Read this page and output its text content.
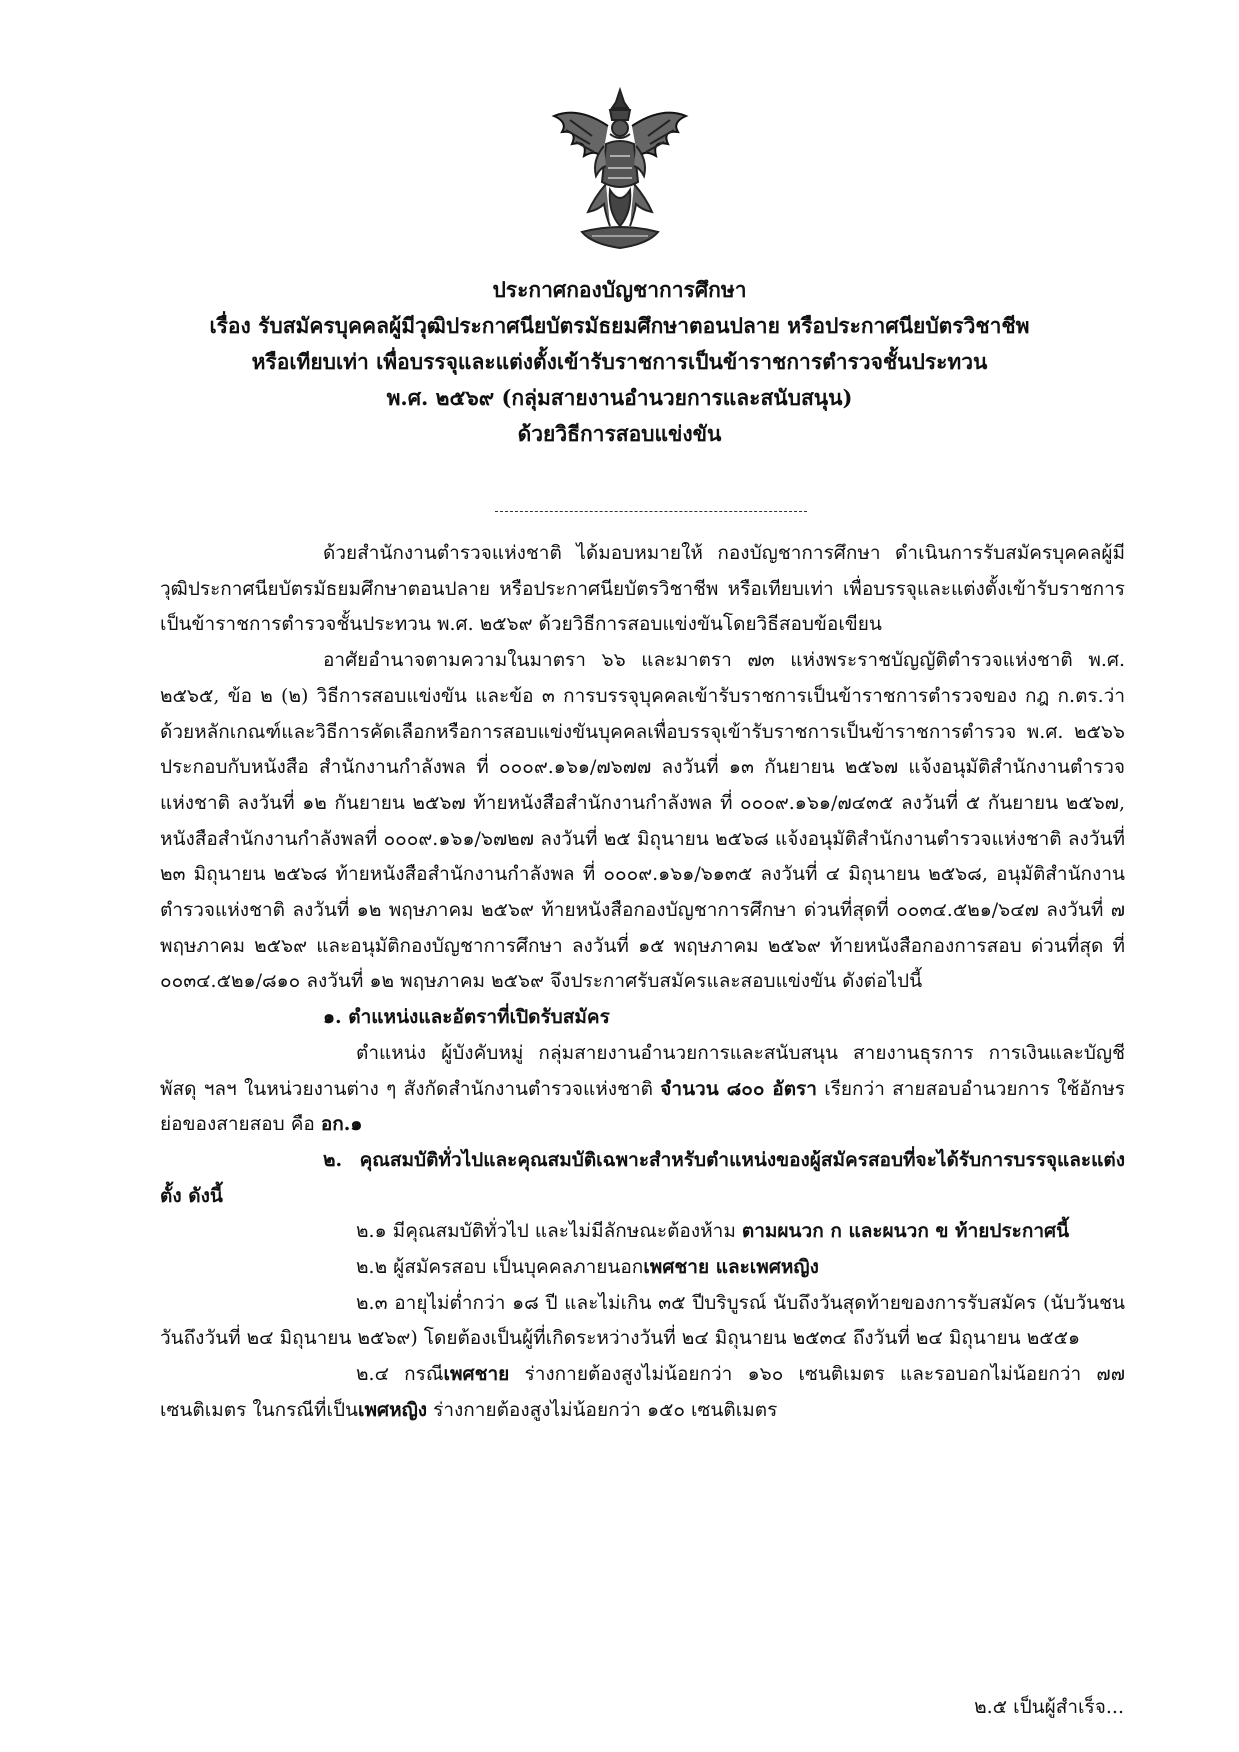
ประกาศกองบัญชาการศึกษา
เรื่อง รับสมัครบุคคลผู้มีวุฒิประกาศนียบัตรมัธยมศึกษาตอนปลาย หรือประกาศนียบัตรวิชาชีพ
หรือเทียบเท่า เพื่อบรรจุและแต่งตั้งเข้ารับราชการเป็นข้าราชการตำรวจชั้นประทวน
พ.ศ. ๒๕๖๙ (กลุ่มสายงานอำนวยการและสนับสนุน)
ด้วยวิธีการสอบแข่งขัน

ด้วยสำนักงานตำรวจแห่งชาติ ได้มอบหมายให้ กองบัญชาการศึกษา ดำเนินการรับสมัครบุคคลผู้มีวุฒิประกาศนียบัตรมัธยมศึกษาตอนปลาย หรือประกาศนียบัตรวิชาชีพ หรือเทียบเท่า เพื่อบรรจุและแต่งตั้งเข้ารับราชการเป็นข้าราชการตำรวจชั้นประทวน พ.ศ. ๒๕๖๙ ด้วยวิธีการสอบแข่งขันโดยวิธีสอบข้อเขียน

อาศัยอำนาจตามความในมาตรา ๖๖ และมาตรา ๗๓ แห่งพระราชบัญญัติตำรวจแห่งชาติ พ.ศ. ๒๕๖๕, ข้อ ๒ (๒) วิธีการสอบแข่งขัน และข้อ ๓ การบรรจุบุคคลเข้ารับราชการเป็นข้าราชการตำรวจของ กฎ ก.ตร.ว่าด้วยหลักเกณฑ์และวิธีการคัดเลือกหรือการสอบแข่งขันบุคคลเพื่อบรรจุเข้ารับราชการเป็นข้าราชการตำรวจ พ.ศ. ๒๕๖๖ ประกอบกับหนังสือ สำนักงานกำลังพล ที่ ๐๐๐๙.๑๖๑/๗๖๗๗ ลงวันที่ ๑๓ กันยายน ๒๕๖๗ แจ้งอนุมัติสำนักงานตำรวจแห่งชาติ ลงวันที่ ๑๒ กันยายน ๒๕๖๗ ท้ายหนังสือสำนักงานกำลังพล ที่ ๐๐๐๙.๑๖๑/๗๔๓๕ ลงวันที่ ๕ กันยายน ๒๕๖๗, หนังสือสำนักงานกำลังพลที่ ๐๐๐๙.๑๖๑/๖๗๒๗ ลงวันที่ ๒๕ มิถุนายน ๒๕๖๘ แจ้งอนุมัติสำนักงานตำรวจแห่งชาติ ลงวันที่ ๒๓ มิถุนายน ๒๕๖๘ ท้ายหนังสือสำนักงานกำลังพล ที่ ๐๐๐๙.๑๖๑/๖๑๓๕ ลงวันที่ ๔ มิถุนายน ๒๕๖๘, อนุมัติสำนักงานตำรวจแห่งชาติ ลงวันที่ ๑๒ พฤษภาคม ๒๕๖๙ ท้ายหนังสือกองบัญชาการศึกษา ด่วนที่สุดที่ ๐๐๓๔.๕๒๑/๖๔๗ ลงวันที่ ๗ พฤษภาคม ๒๕๖๙ และอนุมัติกองบัญชาการศึกษา ลงวันที่ ๑๕ พฤษภาคม ๒๕๖๙ ท้ายหนังสือกองการสอบ ด่วนที่สุด ที่ ๐๐๓๔.๕๒๑/๘๑๐ ลงวันที่ ๑๒ พฤษภาคม ๒๕๖๙ จึงประกาศรับสมัครและสอบแข่งขัน ดังต่อไปนี้

๑. ตำแหน่งและอัตราที่เปิดรับสมัคร

ตำแหน่ง ผู้บังคับหมู่ กลุ่มสายงานอำนวยการและสนับสนุน สายงานธุรการ การเงินและบัญชี พัสดุ ฯลฯ ในหน่วยงานต่าง ๆ สังกัดสำนักงานตำรวจแห่งชาติ จำนวน ๘๐๐ อัตรา เรียกว่า สายสอบอำนวยการ ใช้อักษรย่อของสายสอบ คือ อก.๑

๒. คุณสมบัติทั่วไปและคุณสมบัติเฉพาะสำหรับตำแหน่งของผู้สมัครสอบที่จะได้รับการบรรจุและแต่งตั้ง ดังนี้

๒.๑ มีคุณสมบัติทั่วไป และไม่มีลักษณะต้องห้าม ตามผนวก ก และผนวก ข ท้ายประกาศนี้

๒.๒ ผู้สมัครสอบ เป็นบุคคลภายนอกเพศชาย และเพศหญิง

๒.๓ อายุไม่ต่ำกว่า ๑๘ ปี และไม่เกิน ๓๕ ปีบริบูรณ์ นับถึงวันสุดท้ายของการรับสมัคร (นับวันชนวันถึงวันที่ ๒๔ มิถุนายน ๒๕๖๙) โดยต้องเป็นผู้ที่เกิดระหว่างวันที่ ๒๔ มิถุนายน ๒๕๓๔ ถึงวันที่ ๒๔ มิถุนายน ๒๕๕๑

๒.๔ กรณีเพศชาย ร่างกายต้องสูงไม่น้อยกว่า ๑๖๐ เซนติเมตร และรอบอกไม่น้อยกว่า ๗๗ เซนติเมตร ในกรณีที่เป็นเพศหญิง ร่างกายต้องสูงไม่น้อยกว่า ๑๕๐ เซนติเมตร

๒.๕ เป็นผู้สำเร็จ...
